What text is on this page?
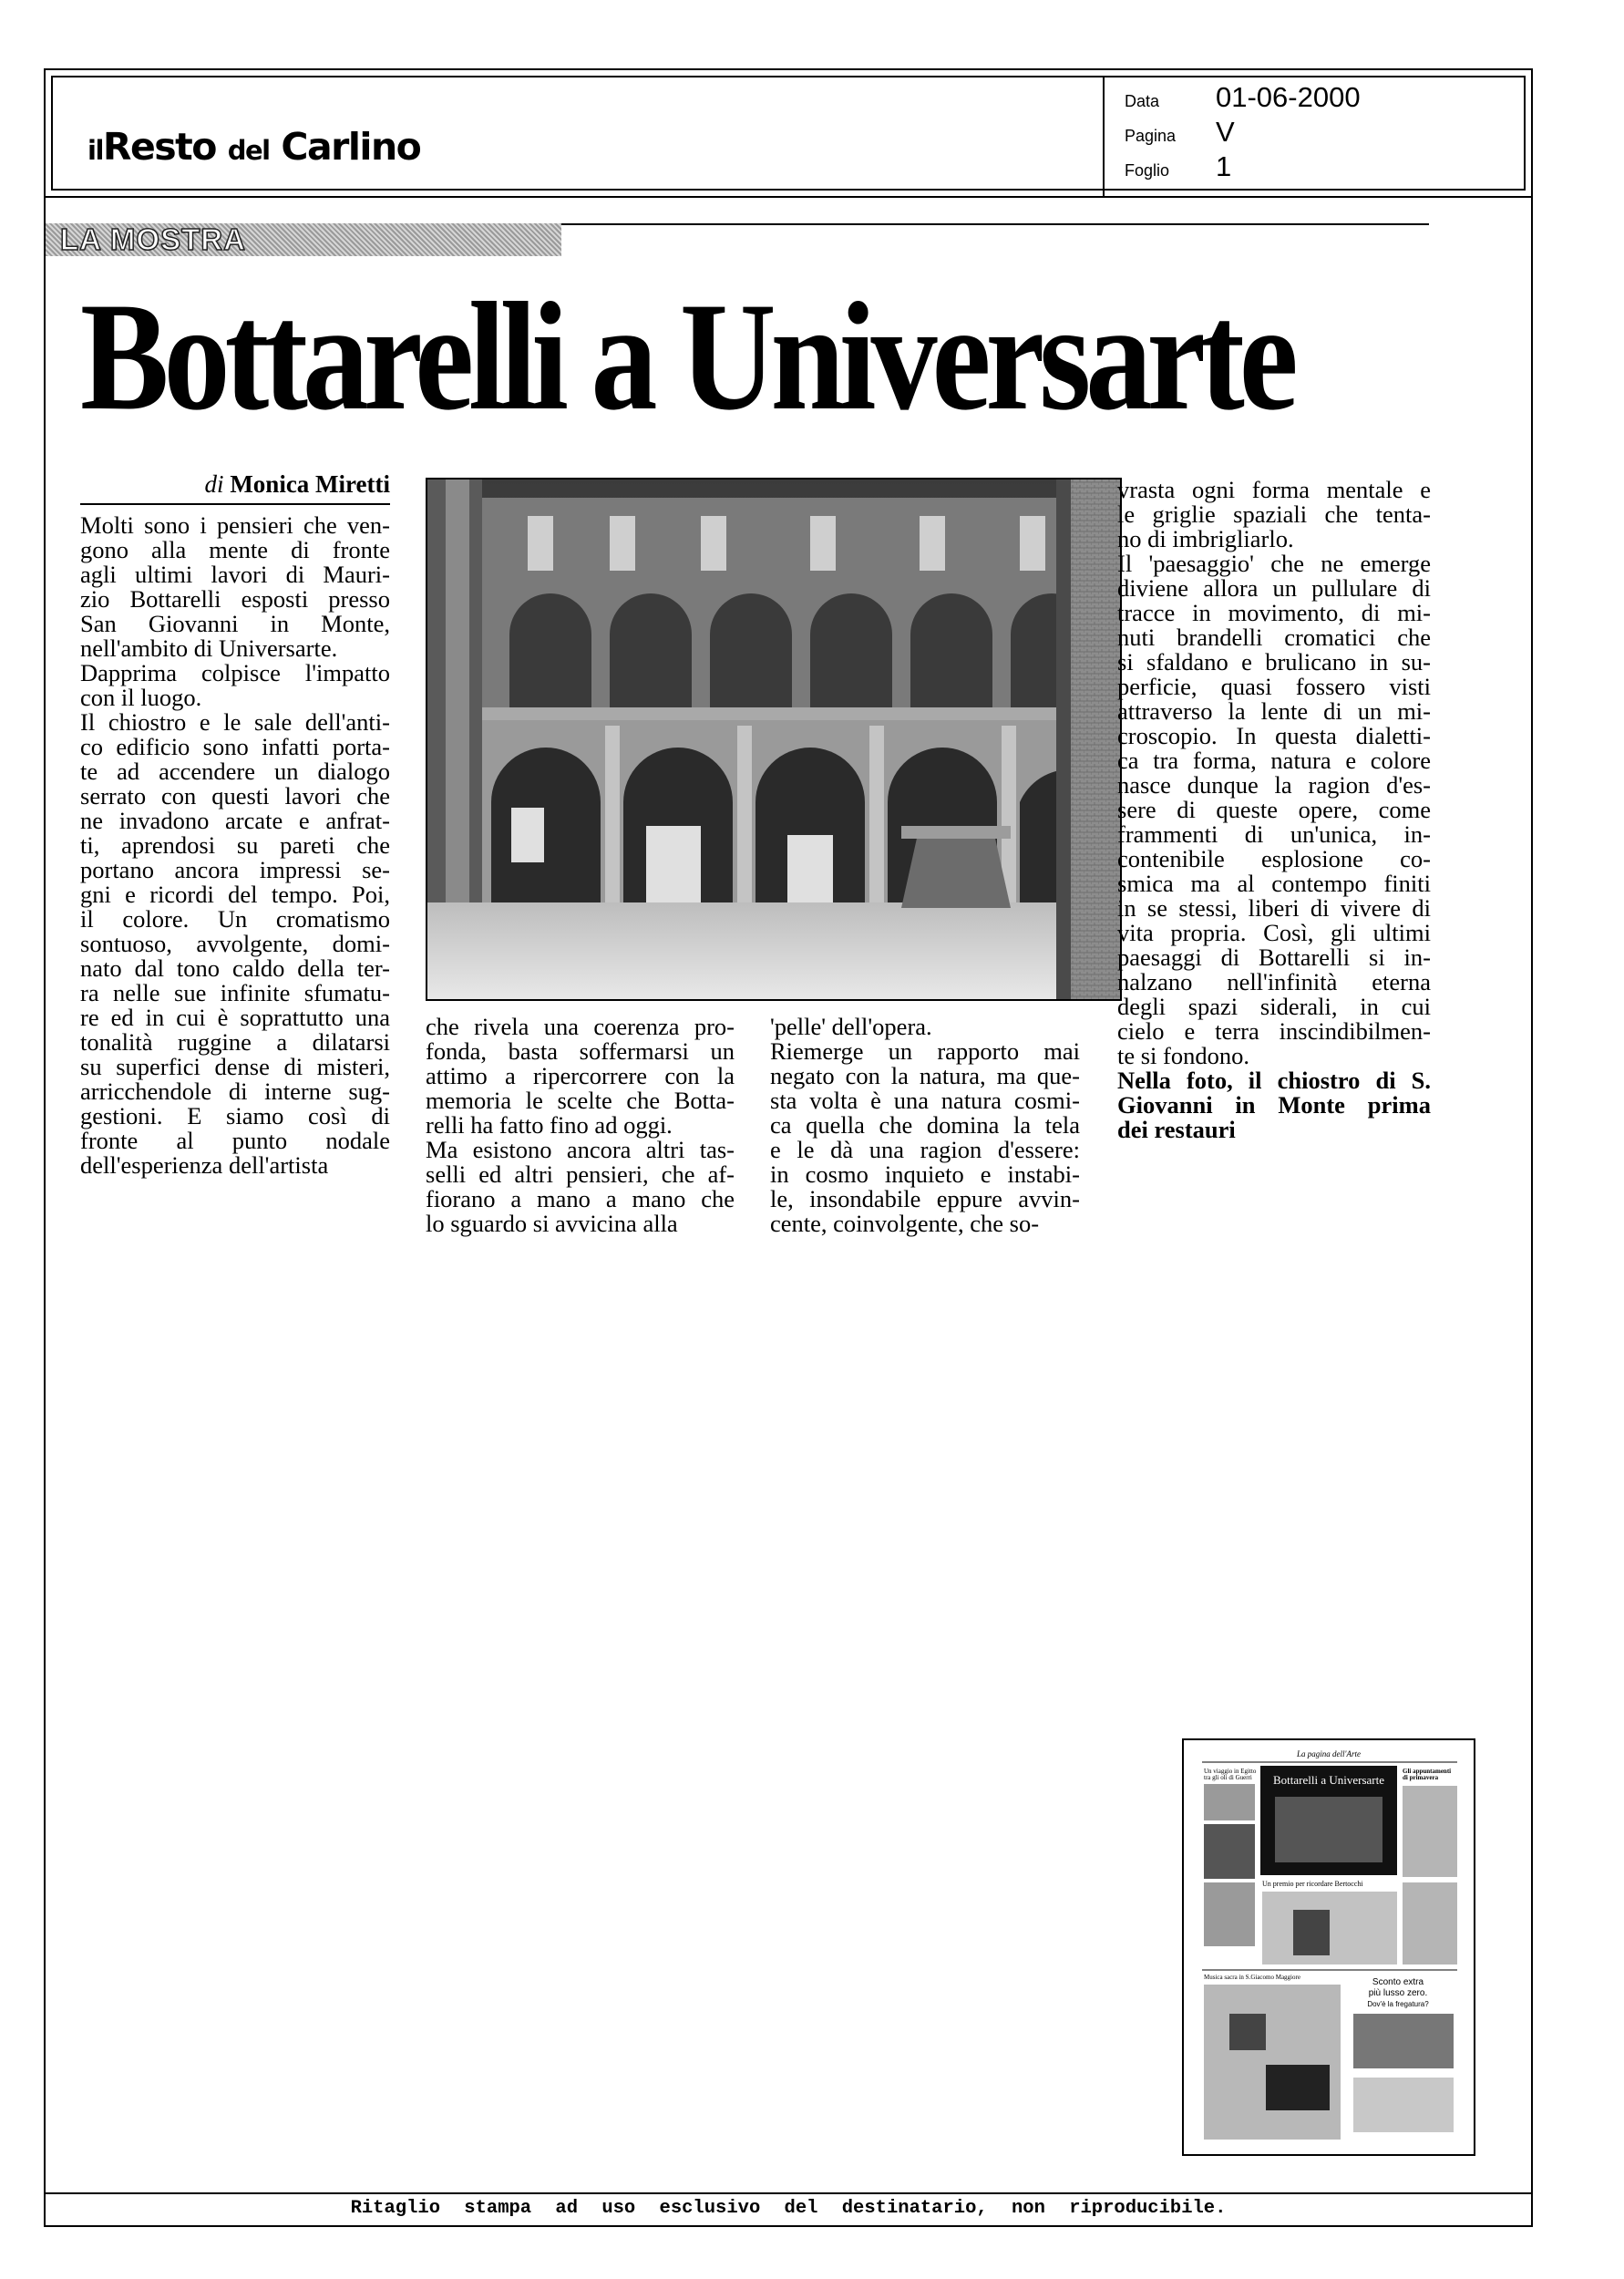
ilResto del Carlino
Data 01-06-2000
Pagina V
Foglio 1
LA MOSTRA
Bottarelli a Universarte
di Monica Miretti
Molti sono i pensieri che ven-
gono alla mente di fronte
agli ultimi lavori di Mauri-
zio Bottarelli esposti presso
San Giovanni in Monte,
nell'ambito di Universarte.
Dapprima colpisce l'impatto
con il luogo.
Il chiostro e le sale dell'anti-
co edificio sono infatti porta-
te ad accendere un dialogo
serrato con questi lavori che
ne invadono arcate e anfrat-
ti, aprendosi su pareti che
portano ancora impressi se-
gni e ricordi del tempo. Poi,
il colore. Un cromatismo
sontuoso, avvolgente, domi-
nato dal tono caldo della ter-
ra nelle sue infinite sfumatu-
re ed in cui è soprattutto una
tonalità ruggine a dilatarsi
su superfici dense di misteri,
arricchendole di interne sug-
gestioni. E siamo così di
fronte al punto nodale
dell'esperienza dell'artista
che rivela una coerenza pro-
fonda, basta soffermarsi un
attimo a ripercorrere con la
memoria le scelte che Botta-
relli ha fatto fino ad oggi.
Ma esistono ancora altri tas-
selli ed altri pensieri, che af-
fiorano a mano a mano che
lo sguardo si avvicina alla
'pelle' dell'opera.
Riemerge un rapporto mai
negato con la natura, ma que-
sta volta è una natura cosmi-
ca quella che domina la tela
e le dà una ragion d'essere:
in cosmo inquieto e instabi-
le, insondabile eppure avvin-
cente, coinvolgente, che so-
vrasta ogni forma mentale e
le griglie spaziali che tenta-
no di imbrigliarlo.
Il 'paesaggio' che ne emerge
diviene allora un pullulare di
tracce in movimento, di mi-
nuti brandelli cromatici che
si sfaldano e brulicano in su-
perficie, quasi fossero visti
attraverso la lente di un mi-
croscopio. In questa dialetti-
ca tra forma, natura e colore
nasce dunque la ragion d'es-
sere di queste opere, come
frammenti di un'unica, in-
contenibile esplosione co-
smica ma al contempo finiti
in se stessi, liberi di vivere di
vita propria. Così, gli ultimi
paesaggi di Bottarelli si in-
nalzano nell'infinità eterna
degli spazi siderali, in cui
cielo e terra inscindibilmen-
te si fondono.
Nella foto, il chiostro di S.
Giovanni in Monte prima
dei restauri
La pagina dell'Arte
Un viaggio in Egitto
tra gli oli di Guerri Bottarelli a Universarte
Gli appuntamenti
di primavera
Un premio per ricordare Bertocchi
Musica sacra in S.Giacomo Maggiore	Sconto extra
più lusso zero.
Dov'è la fregatura?
Ritaglio stampa ad uso esclusivo del destinatario, non riproducibile.
